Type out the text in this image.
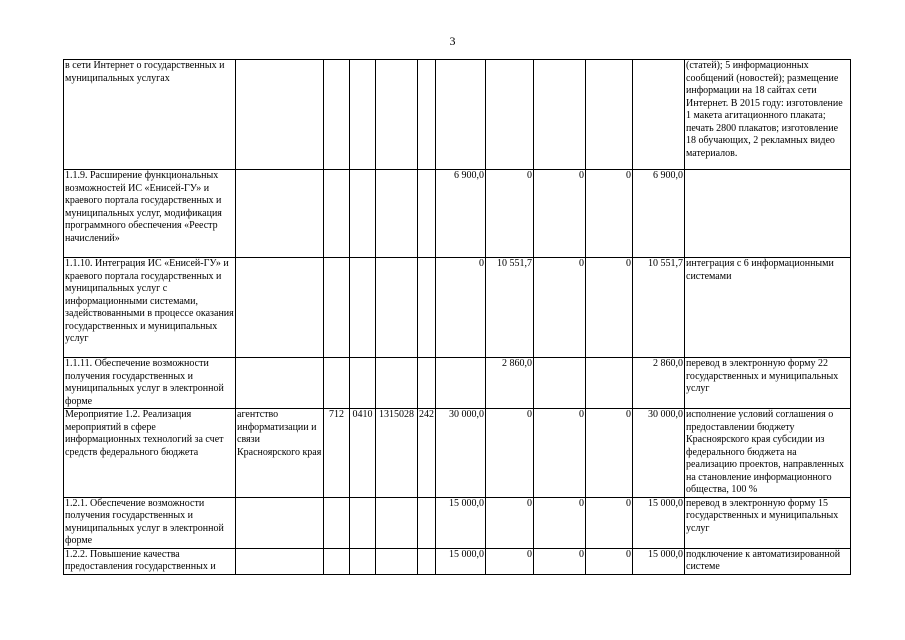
3
в сети Интернет о государственных и муниципальных услугах											(статей); 5 информационных сообщений (новостей); размещение информации на 18 сайтах сети Интернет. В 2015 году: изготовление 1 макета агитационного плаката; печать 2800 плакатов; изготовление 18 обучающих, 2 рекламных видео материалов.
1.1.9. Расширение функциональных возможностей ИС «Енисей-ГУ» и краевого портала государственных и муниципальных услуг, модификация программного обеспечения «Реестр начислений»						6 900,0	0	0	0	6 900,0	
1.1.10. Интеграция ИС «Енисей-ГУ» и краевого портала государственных и муниципальных услуг с информационными системами, задействованными в процессе оказания государственных и муниципальных услуг						0	10 551,7	0	0	10 551,7	интеграция с 6 информационными системами
1.1.11. Обеспечение возможности получения государственных и муниципальных услуг в электронной форме							2 860,0			2 860,0	перевод в электронную форму 22 государственных и муниципальных услуг
Мероприятие 1.2. Реализация мероприятий в сфере информационных технологий за счет средств федерального бюджета	агентство информатизации и связи Красноярского края	712	0410	1315028	242	30 000,0	0	0	0	30 000,0	исполнение условий соглашения о предоставлении бюджету Красноярского края субсидии из федерального бюджета на реализацию проектов, направленных на становление информационного общества, 100 %
1.2.1. Обеспечение возможности получения государственных и муниципальных услуг в электронной форме						15 000,0	0	0	0	15 000,0	перевод в электронную форму 15 государственных и муниципальных услуг
1.2.2. Повышение качества предоставления государственных и						15 000,0	0	0	0	15 000,0	подключение к автоматизированной системе
